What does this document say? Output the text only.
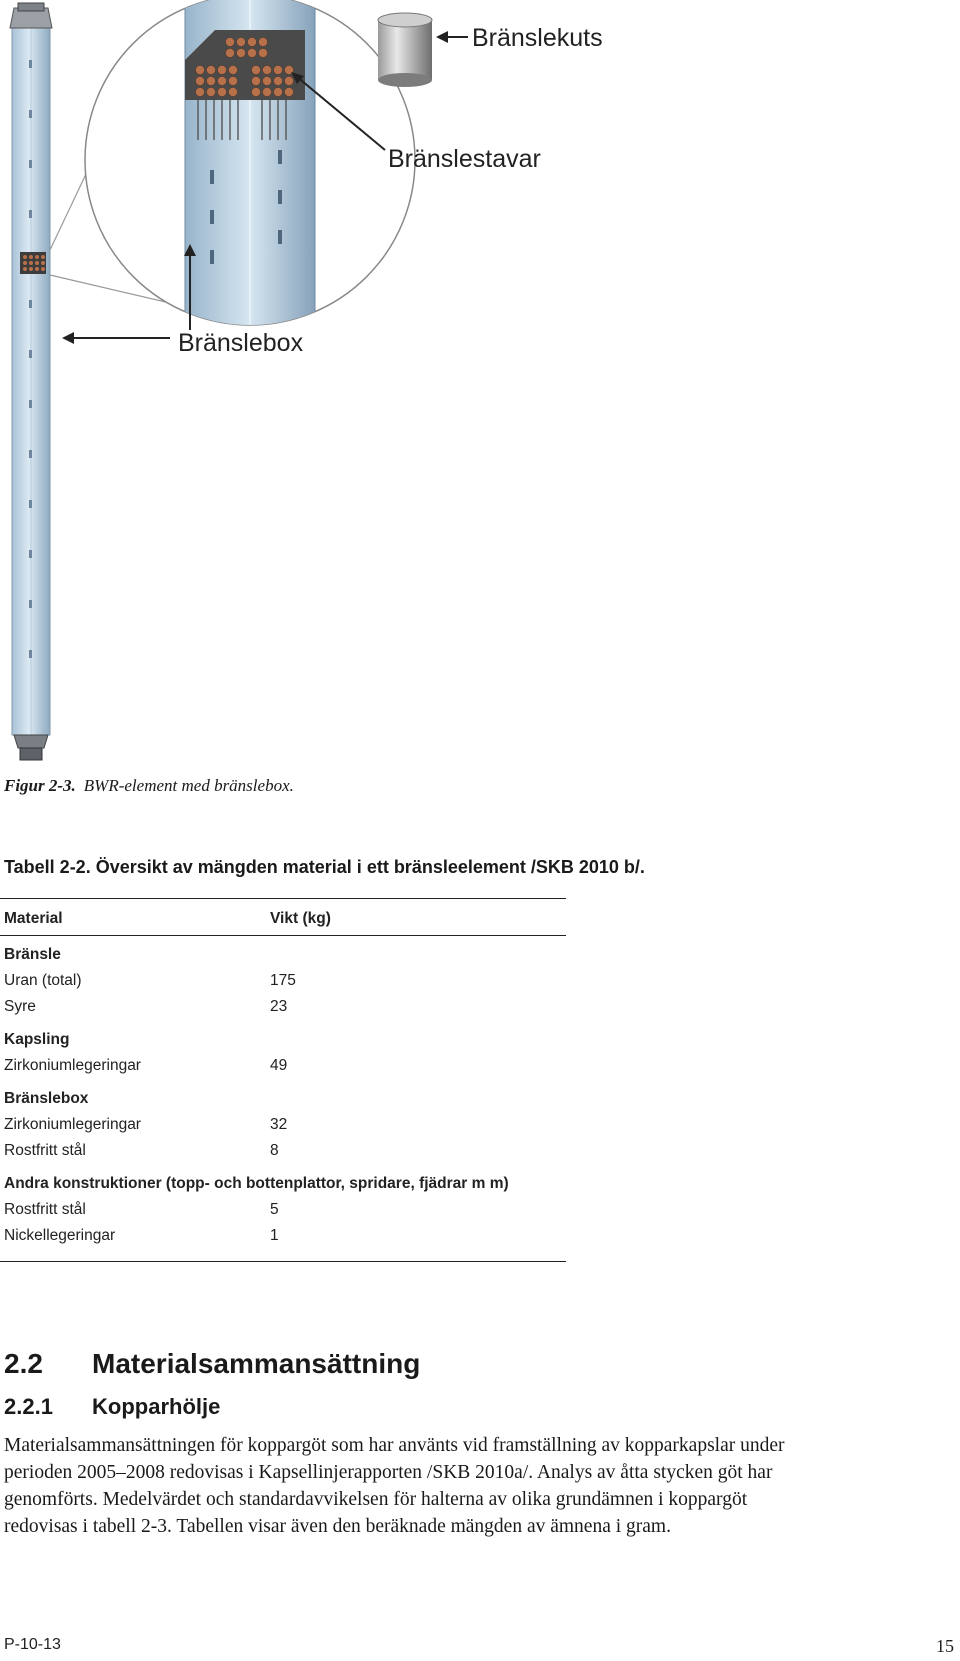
Bränslekuts
Bränslestavar
Bränslebox
Figur 2-3. BWR-element med bränslebox.
Tabell 2-2. Översikt av mängden material i ett bränsleelement /SKB 2010 b/.
Material	Vikt (kg)
Bränsle
Uran (total)	175
Syre	23
Kapsling
Zirkoniumlegeringar	49
Bränslebox
Zirkoniumlegeringar	32
Rostfritt stål	8
Andra konstruktioner (topp- och bottenplattor, spridare, fjädrar m m)
Rostfritt stål	5
Nickellegeringar	1
2.2 Materialsammansättning
2.2.1 Kopparhölje
Materialsammansättningen för koppargöt som har använts vid framställning av kopparkapslar under
perioden 2005–2008 redovisas i Kapsellinjerapporten /SKB 2010a/. Analys av åtta stycken göt har
genomförts. Medelvärdet och standardavvikelsen för halterna av olika grundämnen i koppargöt
redovisas i tabell 2-3. Tabellen visar även den beräknade mängden av ämnena i gram.
P-10-13	15
